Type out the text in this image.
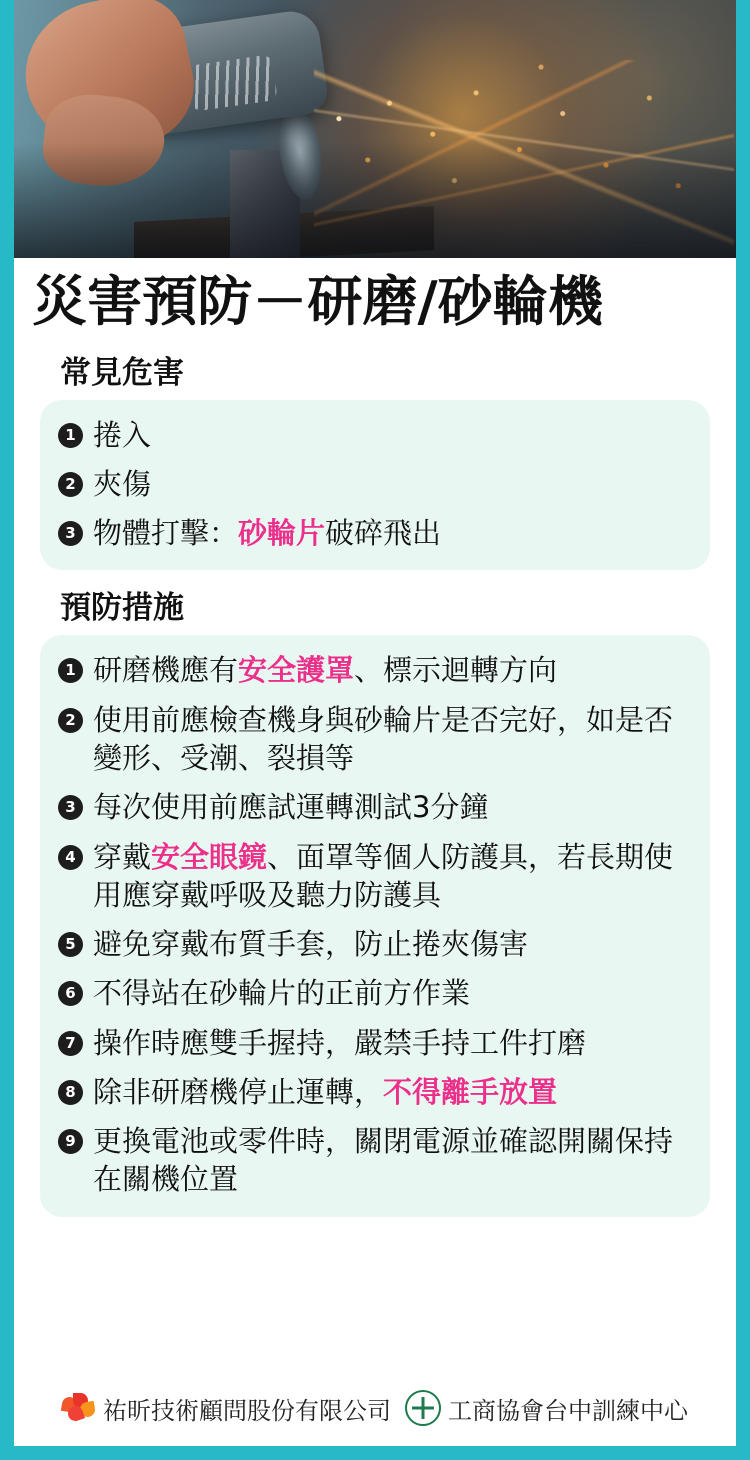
災害預防－研磨/砂輪機
常見危害
1 捲入
2 夾傷
3 物體打擊：砂輪片破碎飛出
預防措施
1 研磨機應有安全護罩、標示迴轉方向
2 使用前應檢查機身與砂輪片是否完好，如是否變形、受潮、裂損等
3 每次使用前應試運轉測試3分鐘
4 穿戴安全眼鏡、面罩等個人防護具，若長期使用應穿戴呼吸及聽力防護具
5 避免穿戴布質手套，防止捲夾傷害
6 不得站在砂輪片的正前方作業
7 操作時應雙手握持，嚴禁手持工件打磨
8 除非研磨機停止運轉，不得離手放置
9 更換電池或零件時，關閉電源並確認開關保持在關機位置
祐昕技術顧問股份有限公司 工商協會台中訓練中心
